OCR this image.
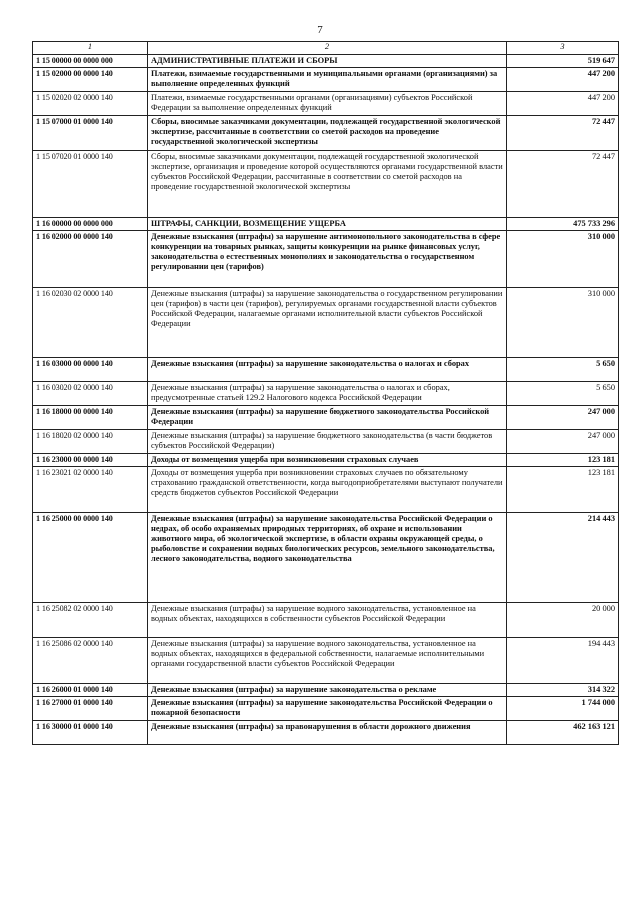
7
1	2	3
1 15 00000 00 0000 000	АДМИНИСТРАТИВНЫЕ ПЛАТЕЖИ И СБОРЫ	519 647
1 15 02000 00 0000 140	Платежи, взимаемые государственными и муниципальными органами (организациями) за выполнение определенных функций	447 200
1 15 02020 02 0000 140	Платежи, взимаемые государственными органами (организациями) субъектов Российской Федерации за выполнение определенных функций	447 200
1 15 07000 01 0000 140	Сборы, вносимые заказчиками документации, подлежащей государственной экологической экспертизе, рассчитанные в соответствии со сметой расходов на проведение государственной экологической экспертизы	72 447
1 15 07020 01 0000 140	Сборы, вносимые заказчиками документации, подлежащей государственной экологической экспертизе, организация и проведение которой осуществляются органами государственной власти субъектов Российской Федерации, рассчитанные в соответствии со сметой расходов на проведение государственной экологической экспертизы	72 447
1 16 00000 00 0000 000	ШТРАФЫ, САНКЦИИ, ВОЗМЕЩЕНИЕ УЩЕРБА	475 733 296
1 16 02000 00 0000 140	Денежные взыскания (штрафы) за нарушение антимонопольного законодательства в сфере конкуренции на товарных рынках, защиты конкуренции на рынке финансовых услуг, законодательства о естественных монополиях и законодательства о государственном регулировании цен (тарифов)	310 000
1 16 02030 02 0000 140	Денежные взыскания (штрафы) за нарушение законодательства о государственном регулировании цен (тарифов) в части цен (тарифов), регулируемых органами государственной власти субъектов Российской Федерации, налагаемые органами исполнительной власти субъектов Российской Федерации	310 000
1 16 03000 00 0000 140	Денежные взыскания (штрафы) за нарушение законодательства о налогах и сборах	5 650
1 16 03020 02 0000 140	Денежные взыскания (штрафы) за нарушение законодательства о налогах и сборах, предусмотренные статьей 129.2 Налогового кодекса Российской Федерации	5 650
1 16 18000 00 0000 140	Денежные взыскания (штрафы) за нарушение бюджетного законодательства Российской Федерации	247 000
1 16 18020 02 0000 140	Денежные взыскания (штрафы) за нарушение бюджетного законодательства (в части бюджетов субъектов Российской Федерации)	247 000
1 16 23000 00 0000 140	Доходы от возмещения ущерба при возникновении страховых случаев	123 181
1 16 23021 02 0000 140	Доходы от возмещения ущерба при возникновении страховых случаев по обязательному страхованию гражданской ответственности, когда выгодоприобретателями выступают получатели средств бюджетов субъектов Российской Федерации	123 181
1 16 25000 00 0000 140	Денежные взыскания (штрафы) за нарушение законодательства Российской Федерации о недрах, об особо охраняемых природных территориях, об охране и использовании животного мира, об экологической экспертизе, в области охраны окружающей среды, о рыболовстве и сохранении водных биологических ресурсов, земельного законодательства, лесного законодательства, водного законодательства	214 443
1 16 25082 02 0000 140	Денежные взыскания (штрафы) за нарушение водного законодательства, установленное на водных объектах, находящихся в собственности субъектов Российской Федерации	20 000
1 16 25086 02 0000 140	Денежные взыскания (штрафы) за нарушение водного законодательства, установленное на водных объектах, находящихся в федеральной собственности, налагаемые исполнительными органами государственной власти субъектов Российской Федерации	194 443
1 16 26000 01 0000 140	Денежные взыскания (штрафы) за нарушение законодательства о рекламе	314 322
1 16 27000 01 0000 140	Денежные взыскания (штрафы) за нарушение законодательства Российской Федерации о пожарной безопасности	1 744 000
1 16 30000 01 0000 140	Денежные взыскания (штрафы) за правонарушения в области дорожного движения	462 163 121
